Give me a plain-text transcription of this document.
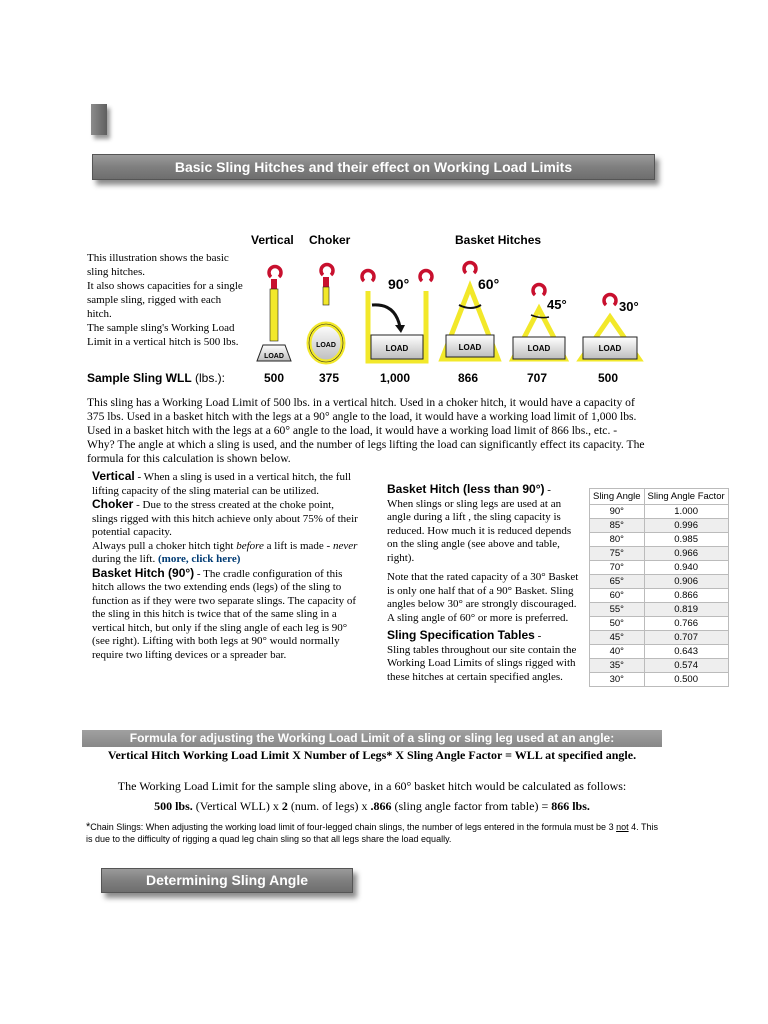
Basic Sling Hitches and their effect on Working Load Limits
Vertical Choker	Basket Hitches
This illustration shows the basic sling hitches.
It also shows capacities for a single sample sling, rigged with each hitch.
The sample sling's Working Load Limit in a vertical hitch is 500 lbs.
LOAD
LOAD	LOAD
90°
LOAD
60°
LOAD
45°
LOAD
30°
Sample Sling WLL (lbs.):	500	375	1,000	866	707	500
This sling has a Working Load Limit of 500 lbs. in a vertical hitch. Used in a choker hitch, it would have a capacity of 375 lbs. Used in a basket hitch with the legs at a 90° angle to the load, it would have a working load limit of 1,000 lbs. Used in a basket hitch with the legs at a 60° angle to the load, it would have a working load limit of 866 lbs., etc. - Why? The angle at which a sling is used, and the number of legs lifting the load can significantly effect its capacity. The formula for this calculation is shown below.
Vertical - When a sling is used in a vertical hitch, the full lifting capacity of the sling material can be utilized.
Choker - Due to the stress created at the choke point, slings rigged with this hitch achieve only about 75% of their potential capacity.
Always pull a choker hitch tight before a lift is made - never during the lift. (more, click here)
Basket Hitch (90°) - The cradle configuration of this hitch allows the two extending ends (legs) of the sling to function as if they were two separate slings. The capacity of the sling in this hitch is twice that of the same sling in a vertical hitch, but only if the sling angle of each leg is 90° (see right). Lifting with both legs at 90° would normally require two lifting devices or a spreader bar.
Basket Hitch (less than 90°) -
When slings or sling legs are used at an angle during a lift , the sling capacity is reduced. How much it is reduced depends on the sling angle (see above and table, right).
Note that the rated capacity of a 30° Basket is only one half that of a 90° Basket. Sling angles below 30° are strongly discouraged. A sling angle of 60° or more is preferred.
Sling Specification Tables -
Sling tables throughout our site contain the Working Load Limits of slings rigged with these hitches at certain specified angles.
Sling Angle	Sling Angle Factor
90°	1.000
85°	0.996
80°	0.985
75°	0.966
70°	0.940
65°	0.906
60°	0.866
55°	0.819
50°	0.766
45°	0.707
40°	0.643
35°	0.574
30°	0.500
Formula for adjusting the Working Load Limit of a sling or sling leg used at an angle:
Vertical Hitch Working Load Limit X Number of Legs* X Sling Angle Factor = WLL at specified angle.
The Working Load Limit for the sample sling above, in a 60° basket hitch would be calculated as follows:
500 lbs. (Vertical WLL) x 2 (num. of legs) x .866 (sling angle factor from table) = 866 lbs.
*Chain Slings: When adjusting the working load limit of four-legged chain slings, the number of legs entered in the formula must be 3 not 4. This is due to the difficulty of rigging a quad leg chain sling so that all legs share the load equally.
Determining Sling Angle
